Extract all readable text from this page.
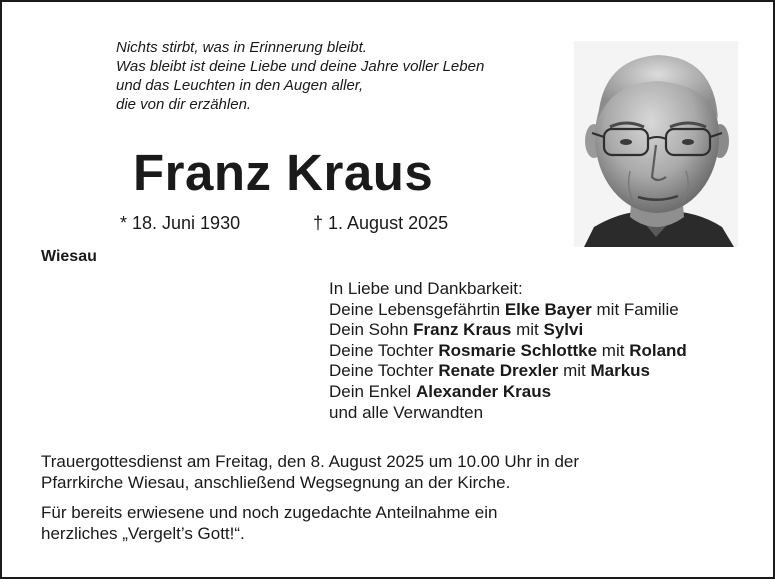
Nichts stirbt, was in Erinnerung bleibt.
Was bleibt ist deine Liebe und deine Jahre voller Leben
und das Leuchten in den Augen aller,
die von dir erzählen.
Franz Kraus
* 18. Juni 1930	† 1. August 2025
Wiesau
In Liebe und Dankbarkeit:
Deine Lebensgefährtin Elke Bayer mit Familie
Dein Sohn Franz Kraus mit Sylvi
Deine Tochter Rosmarie Schlottke mit Roland
Deine Tochter Renate Drexler mit Markus
Dein Enkel Alexander Kraus
und alle Verwandten
Trauergottesdienst am Freitag, den 8. August 2025 um 10.00 Uhr in der
Pfarrkirche Wiesau, anschließend Wegsegnung an der Kirche.
Für bereits erwiesene und noch zugedachte Anteilnahme ein
herzliches „Vergelt’s Gott!“.
